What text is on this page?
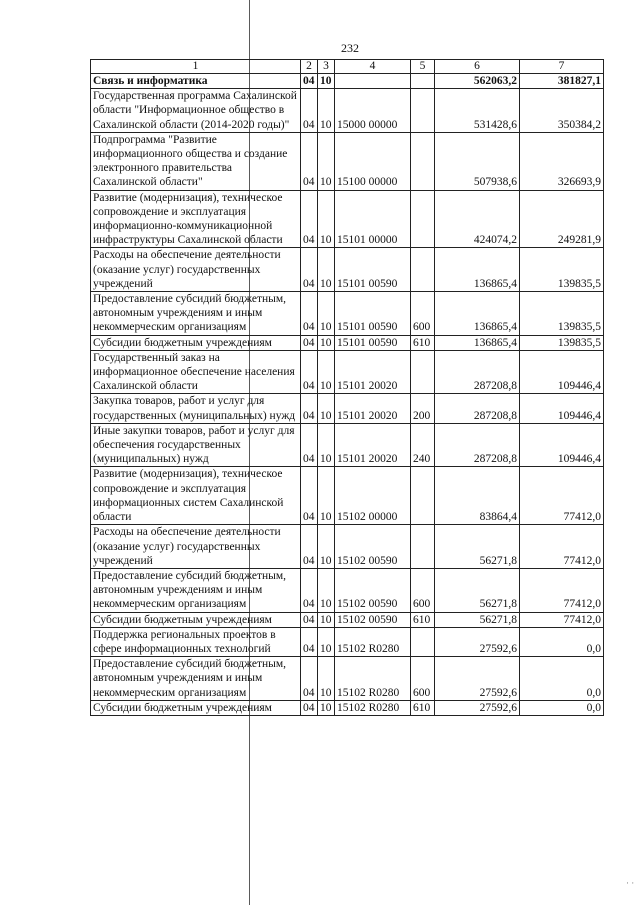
232
1	2	3	4	5	6	7
Связь и информатика	04	10			562063,2	381827,1
Государственная программа Сахалинской области "Информационное общество в Сахалинской области (2014-2020 годы)"	04	10	15000 00000		531428,6	350384,2
Подпрограмма "Развитие информационного общества и создание электронного правительства Сахалинской области"	04	10	15100 00000		507938,6	326693,9
Развитие (модернизация), техническое сопровождение и эксплуатация информационно-коммуникационной инфраструктуры Сахалинской области	04	10	15101 00000		424074,2	249281,9
Расходы на обеспечение деятельности (оказание услуг) государственных учреждений	04	10	15101 00590		136865,4	139835,5
Предоставление субсидий бюджетным, автономным учреждениям и иным некоммерческим организациям	04	10	15101 00590	600	136865,4	139835,5
Субсидии бюджетным учреждениям	04	10	15101 00590	610	136865,4	139835,5
Государственный заказ на информационное обеспечение населения Сахалинской области	04	10	15101 20020		287208,8	109446,4
Закупка товаров, работ и услуг для государственных (муниципальных) нужд	04	10	15101 20020	200	287208,8	109446,4
Иные закупки товаров, работ и услуг для обеспечения государственных (муниципальных) нужд	04	10	15101 20020	240	287208,8	109446,4
Развитие (модернизация), техническое сопровождение и эксплуатация информационных систем Сахалинской области	04	10	15102 00000		83864,4	77412,0
Расходы на обеспечение деятельности (оказание услуг) государственных учреждений	04	10	15102 00590		56271,8	77412,0
Предоставление субсидий бюджетным, автономным учреждениям и иным некоммерческим организациям	04	10	15102 00590	600	56271,8	77412,0
Субсидии бюджетным учреждениям	04	10	15102 00590	610	56271,8	77412,0
Поддержка региональных проектов в сфере информационных технологий	04	10	15102 R0280		27592,6	0,0
Предоставление субсидий бюджетным, автономным учреждениям и иным некоммерческим организациям	04	10	15102 R0280	600	27592,6	0,0
Субсидии бюджетным учреждениям	04	10	15102 R0280	610	27592,6	0,0
· ·
